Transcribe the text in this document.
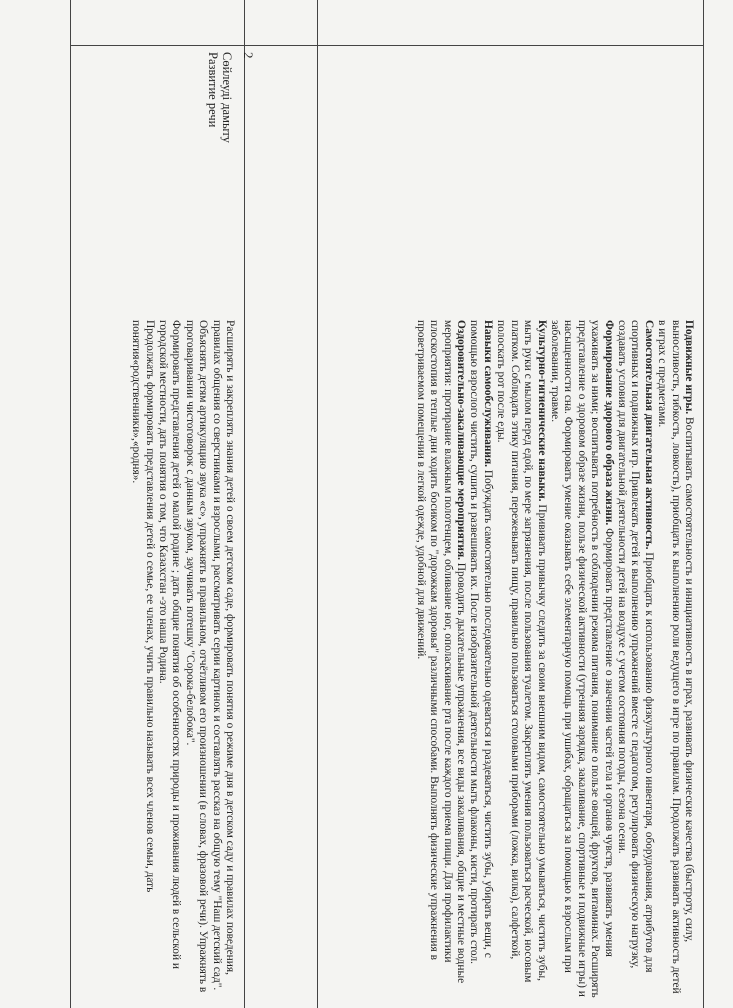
2

Сөйлеуді дамыту

Развитие речи

Подвижные игры. Воспитывать самостоятельность и инициативность в играх, развивать физические качества (быстроту, силу, выносливость, гибкость, ловкость), приобщать к выполнению роли ведущего в игре по правилам. Продолжать развивать активность детей в играх с предметами.

Самостоятельная двигательная активность. Приобщать к использованию физкультурного инвентаря, оборудования, атрибутов для спортивных и подвижных игр. Привлекать детей к выполнению упражнений вместе с педагогом, регулировать физическую нагрузку, создавать условия для двигательной деятельности детей на воздухе с учетом состояния погоды, сезона осени.

Формирование здорового образа жизни. Формировать представление о значении частей тела и органов чувств, развивать умения ухаживать за ними; воспитывать потребность в соблюдении режима питания, понимание о пользе овощей, фруктов, витаминах. Расширять представление о здоровом образе жизни, пользе физической активности (утренняя зарядка, закаливание, спортивные и подвижные игры) и насыщенности сна. Формировать умение оказывать себе элементарную помощь при ушибах, обращаться за помощью к взрослым при заболевании, травме.

Культурно-гигиенические навыки. Прививать привычку следить за своим внешним видом, самостоятельно умываться, чистить зубы, мыть руки с мылом перед едой, по мере загрязнения, после пользования туалетом. Закреплять умения пользоваться расческой, носовым платком. Соблюдать этику питания, пережевывать пищу, правильно пользоваться столовыми приборами (ложка, вилка), салфеткой, полоскать рот после еды.

Навыки самообслуживания. Побуждать самостоятельно последовательно одеваться и раздеваться, чистить зубы, убирать вещи, с помощью взрослого чистить, сушить и развешивать их. После изобразительной деятельности мыть флаконы, кисти, протирать стол.

Оздоровительно-закаливающие мероприятия. Проводить дыхательные упражнения, все виды закаливания, общие и местные водные мероприятия: протирание влажным полотенцем, обливание ног, ополаскивание рта после каждого приема пищи. Для профилактики плоскостопия в теплые дни ходить босиком по "дорожкам здоровья" различными способами. Выполнять физические упражнения в проветриваемом помещении в легкой одежде, удобной для движений.

Расширять и закреплять знания детей о своем детском саде, формировать понятия о режиме дня в детском саду и правилах поведения, правилах общения со сверстниками и взрослыми, рассматривать серии картинок и составлять рассказ на общую тему "Наш детский сад".

Объяснять детям артикуляцию звука «с», упражнять в правильном, отчётливом его произношении (в словах, фразовой речи). Упражнять в проговаривании чистоговорок с данным звуком, заучивать потешку "Сорока-белобока".

Формировать представления детей о малой родине ; дать общие понятия об особенностях природы и проживания людей в сельской и городской местности, дать понятия о том, что Казахстан -это наша Родина.

Продолжать формировать представления детей о семье, ее членах, учить правильно называть всех членов семьи, дать понятия«родственники»,«родня».
